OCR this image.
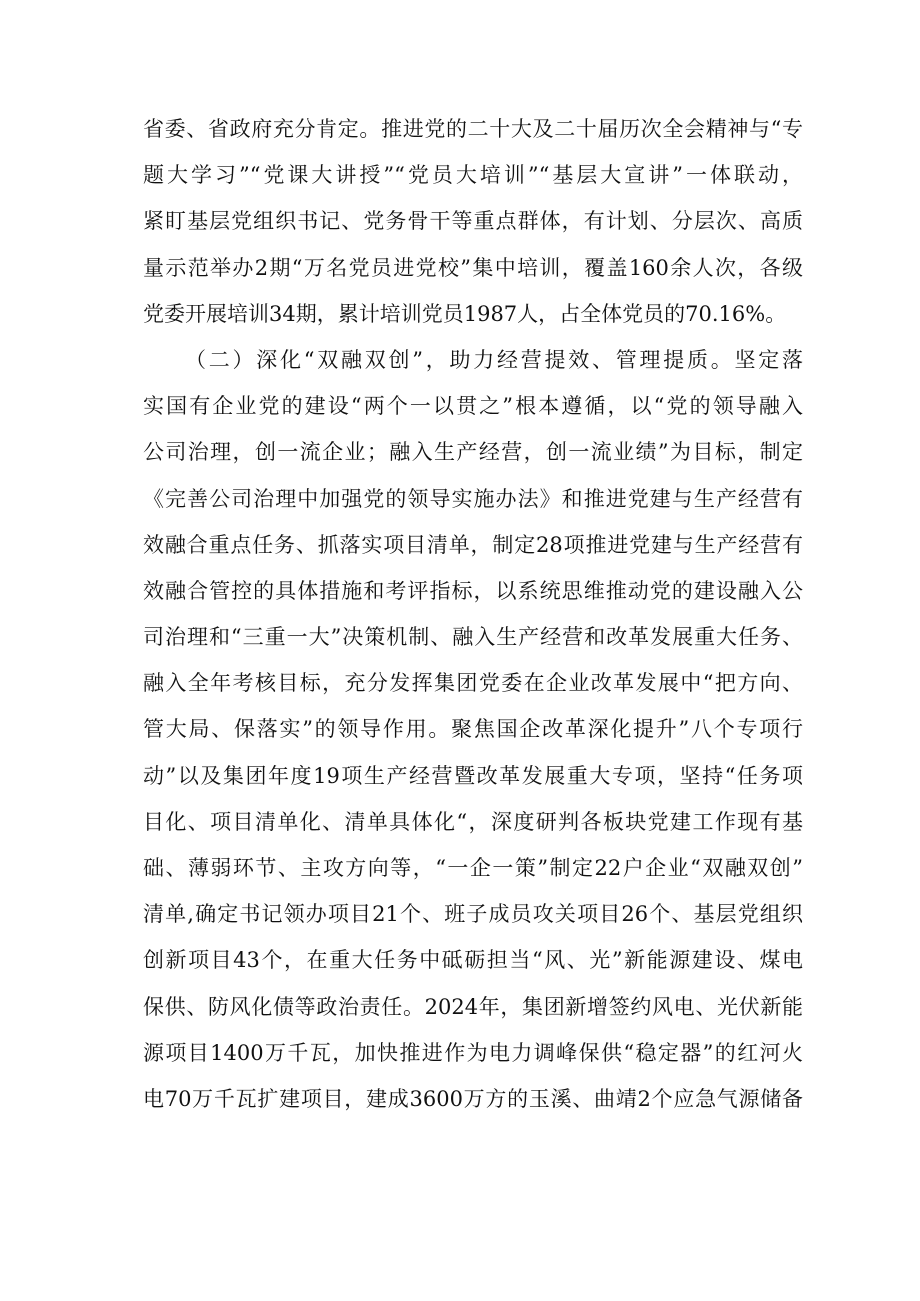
省委、省政府充分肯定。推进党的二十大及二十届历次全会精神与“专
题大学习”“党课大讲授”“党员大培训”“基层大宣讲”一体联动，
紧盯基层党组织书记、党务骨干等重点群体，有计划、分层次、高质
量示范举办2期“万名党员进党校”集中培训，覆盖160余人次，各级
党委开展培训34期，累计培训党员1987人，占全体党员的70.16%。
（二）深化“双融双创”，助力经营提效、管理提质。坚定落
实国有企业党的建设“两个一以贯之”根本遵循，以“党的领导融入
公司治理，创一流企业；融入生产经营，创一流业绩”为目标，制定
《完善公司治理中加强党的领导实施办法》和推进党建与生产经营有
效融合重点任务、抓落实项目清单，制定28项推进党建与生产经营有
效融合管控的具体措施和考评指标，以系统思维推动党的建设融入公
司治理和“三重一大”决策机制、融入生产经营和改革发展重大任务、
融入全年考核目标，充分发挥集团党委在企业改革发展中“把方向、
管大局、保落实”的领导作用。聚焦国企改革深化提升”八个专项行
动”以及集团年度19项生产经营暨改革发展重大专项，坚持“任务项
目化、项目清单化、清单具体化“，深度研判各板块党建工作现有基
础、薄弱环节、主攻方向等，“一企一策”制定22户企业“双融双创”
清单,确定书记领办项目21个、班子成员攻关项目26个、基层党组织
创新项目43个，在重大任务中砥砺担当“风、光”新能源建设、煤电
保供、防风化债等政治责任。2024年，集团新增签约风电、光伏新能
源项目1400万千瓦，加快推进作为电力调峰保供“稳定器”的红河火
电70万千瓦扩建项目，建成3600万方的玉溪、曲靖2个应急气源储备
